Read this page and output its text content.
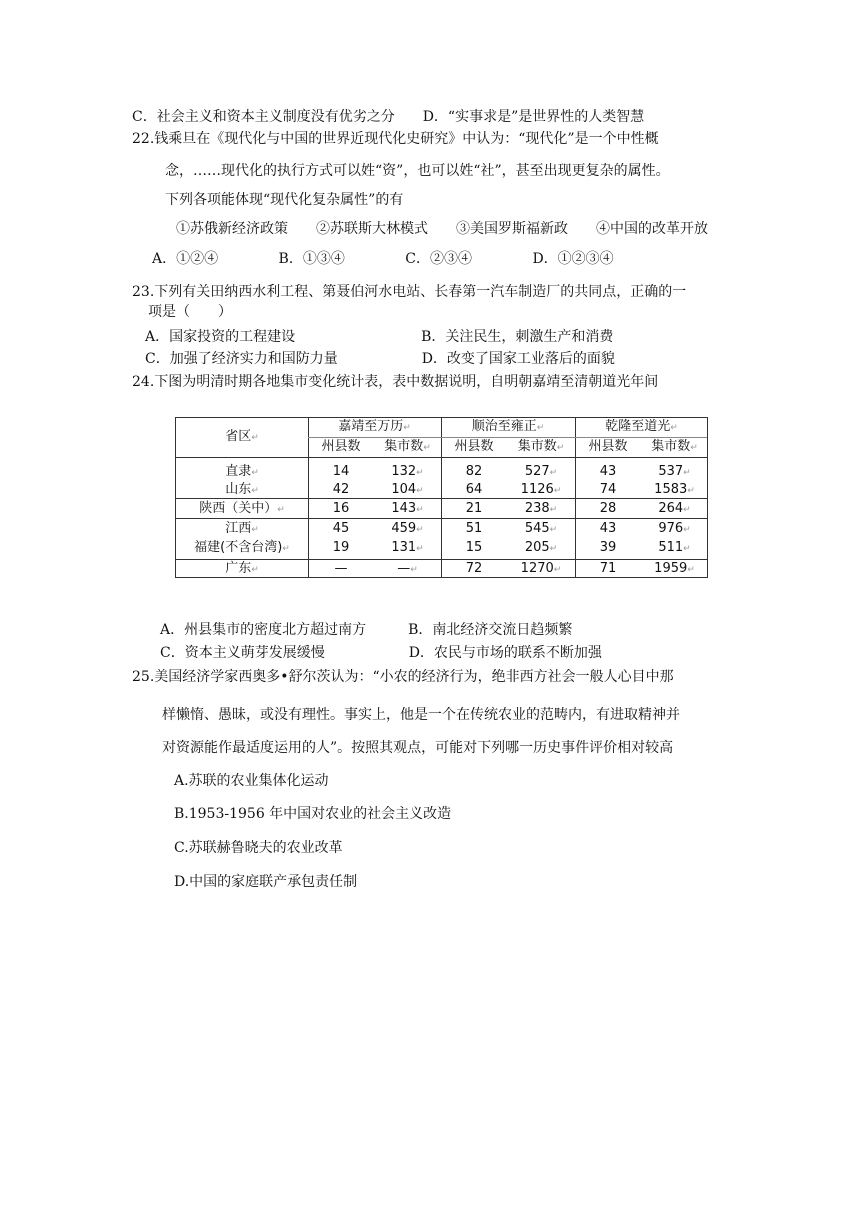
C．社会主义和资本主义制度没有优劣之分　　D．“实事求是”是世界性的人类智慧
22.钱乘旦在《现代化与中国的世界近现代化史研究》中认为：“现代化”是一个中性概
念，……现代化的执行方式可以姓“资”，也可以姓“社”，甚至出现更复杂的属性。
下列各项能体现“现代化复杂属性”的有
①苏俄新经济政策　　②苏联斯大林模式　　③美国罗斯福新政　　④中国的改革开放
A．①②④　　　　 B．①③④　　　　 C．②③④　　　　 D．①②③④
23.下列有关田纳西水利工程、第聂伯河水电站、长春第一汽车制造厂的共同点，正确的一
项是（　　）
A．国家投资的工程建设　　　　　　　　　B．关注民生，刺激生产和消费
C．加强了经济实力和国防力量　　　　　　D．改变了国家工业落后的面貌
24.下图为明清时期各地集市变化统计表，表中数据说明，自明朝嘉靖至清朝道光年间
省区↵
嘉靖至万历↵	顺治至雍正↵	乾隆至道光↵
州县数	集市数↵	州县数	集市数↵	州县数	集市数↵
直隶↵	14	132↵	82	527↵	43	537↵
山东↵	42	104↵	64	1126↵	74	1583↵
陕西（关中）↵	16	143↵	21	238↵	28	264↵
江西↵	45	459↵	51	545↵	43	976↵
福建(不含台湾)↵	19	131↵	15	205↵	39	511↵
广东↵	—	—↵	72	1270↵	71	1959↵
A．州县集市的密度北方超过南方　　　B．南北经济交流日趋频繁
C．资本主义萌芽发展缓慢　　　　　　D．农民与市场的联系不断加强
25.美国经济学家西奥多•舒尔茨认为：“小农的经济行为，绝非西方社会一般人心目中那
样懒惰、愚昧，或没有理性。事实上，他是一个在传统农业的范畴内，有进取精神并
对资源能作最适度运用的人”。按照其观点，可能对下列哪一历史事件评价相对较高
A.苏联的农业集体化运动
B.1953-1956 年中国对农业的社会主义改造
C.苏联赫鲁晓夫的农业改革
D.中国的家庭联产承包责任制
